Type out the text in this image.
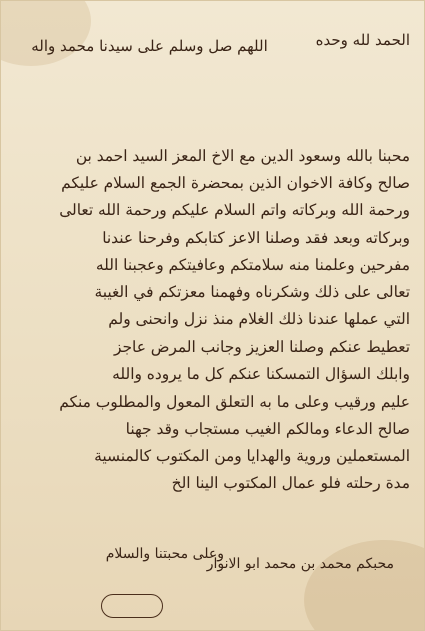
اللهم صل وسلم على سيدنا محمد واله	الحمد لله وحده
محبنا بالله وسعود الدين مع الاخ المعز السيد احمد بن
صالح وكافة الاخوان الذين بمحضرة الجمع السلام عليكم
ورحمة الله وبركاته واتم السلام عليكم ورحمة الله تعالى
وبركاته وبعد فقد وصلنا الاعز كتابكم وفرحنا عندنا
مفرحين وعلمنا منه سلامتكم وعافيتكم وعجبنا الله
تعالى على ذلك وشكرناه وفهمنا معزتكم في الغيبة
التي عملها عندنا ذلك الغلام منذ نزل وانحنى ولم
تعطيط عنكم وصلنا العزيز وجانب المرض عاجز
وابلك السؤال التمسكنا عنكم كل ما يروده والله
عليم ورقيب وعلى ما به التعلق المعول والمطلوب منكم
صالح الدعاء ومالكم الغيب مستجاب وقد جهنا
المستعملين وروية والهدايا ومن المكتوب كالمنسية
مدة رحلته فلو عمال المكتوب الينا الخ
وعلى محبتنا والسلام
محبكم محمد بن محمد ابو الانوار
